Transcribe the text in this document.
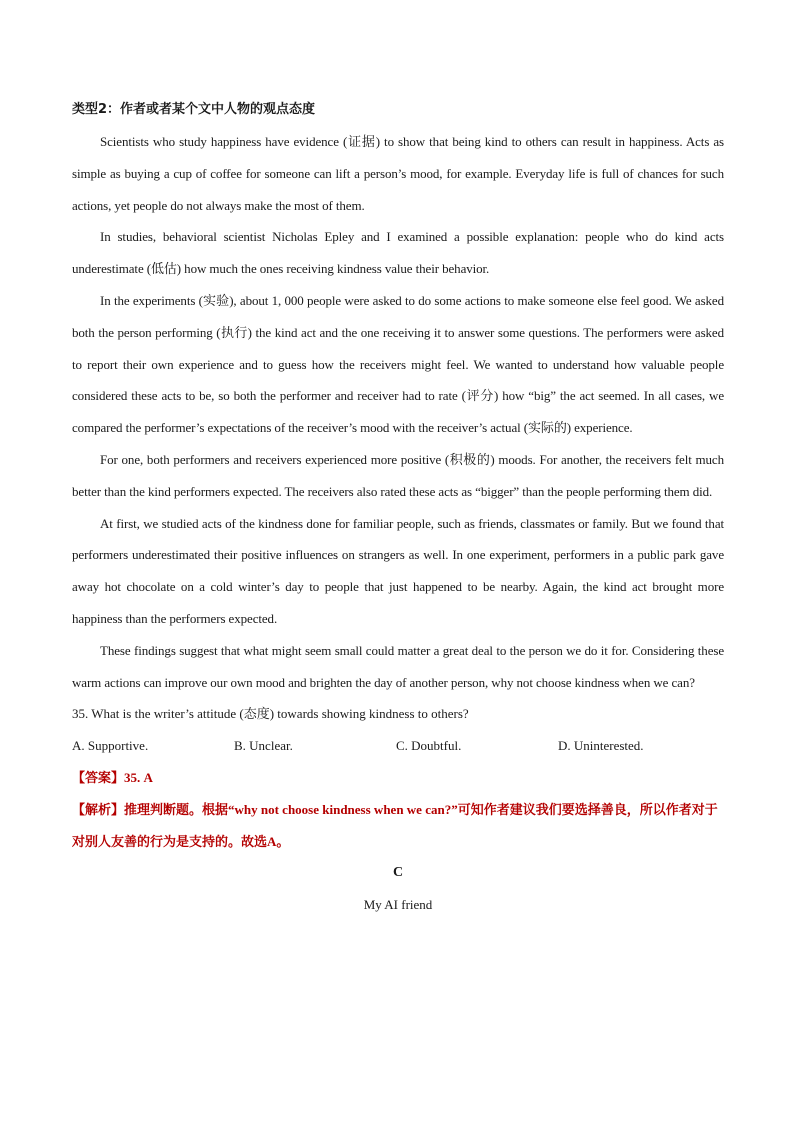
类型2：作者或者某个文中人物的观点态度

Scientists who study happiness have evidence (证据) to show that being kind to others can result in happiness. Acts as simple as buying a cup of coffee for someone can lift a person’s mood, for example. Everyday life is full of chances for such actions, yet people do not always make the most of them.

In studies, behavioral scientist Nicholas Epley and I examined a possible explanation: people who do kind acts underestimate (低估) how much the ones receiving kindness value their behavior.

In the experiments (实验), about 1, 000 people were asked to do some actions to make someone else feel good. We asked both the person performing (执行) the kind act and the one receiving it to answer some questions. The performers were asked to report their own experience and to guess how the receivers might feel. We wanted to understand how valuable people considered these acts to be, so both the performer and receiver had to rate (评分) how “big” the act seemed. In all cases, we compared the performer’s expectations of the receiver’s mood with the receiver’s actual (实际的) experience.

For one, both performers and receivers experienced more positive (积极的) moods. For another, the receivers felt much better than the kind performers expected. The receivers also rated these acts as “bigger” than the people performing them did.

At first, we studied acts of the kindness done for familiar people, such as friends, classmates or family. But we found that performers underestimated their positive influences on strangers as well. In one experiment, performers in a public park gave away hot chocolate on a cold winter’s day to people that just happened to be nearby. Again, the kind act brought more happiness than the performers expected.

These findings suggest that what might seem small could matter a great deal to the person we do it for. Considering these warm actions can improve our own mood and brighten the day of another person, why not choose kindness when we can?

35. What is the writer’s attitude (态度) towards showing kindness to others?

A. Supportive.	B. Unclear.	C. Doubtful.	D. Uninterested.

【答案】35. A

【解析】推理判断题。根据“why not choose kindness when we can?”可知作者建议我们要选择善良，所以作者对于对别人友善的行为是支持的。故选A。

C

My AI friend
